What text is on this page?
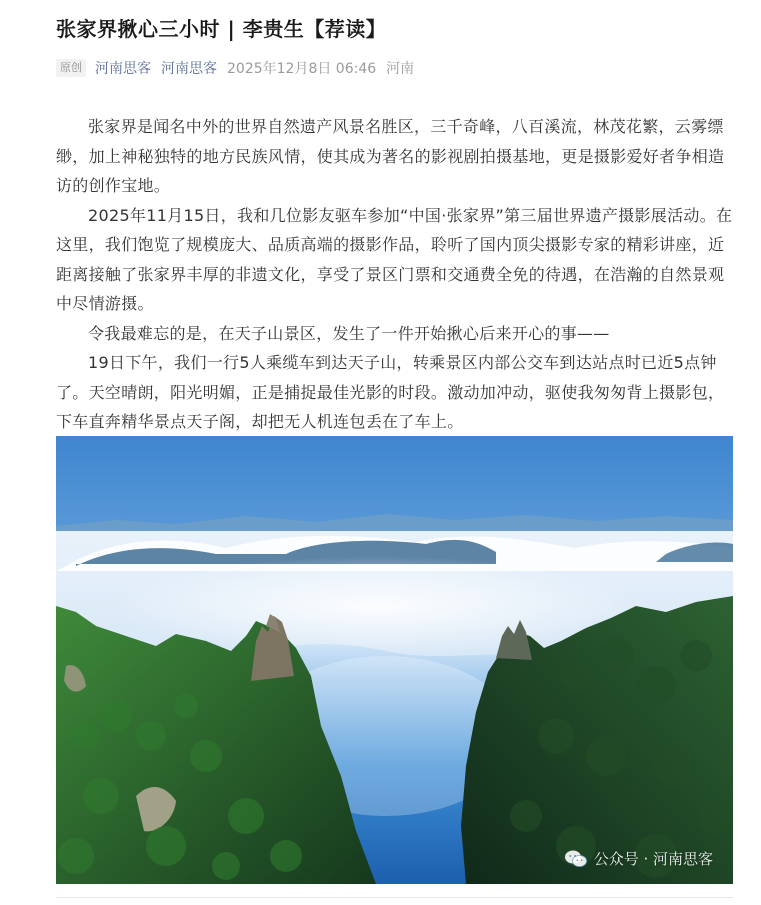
张家界揪心三小时 | 李贵生【荐读】
原创 河南思客 河南思客 2025年12月8日 06:46 河南

张家界是闻名中外的世界自然遗产风景名胜区，三千奇峰，八百溪流，林茂花繁，云雾缥缈，加上神秘独特的地方民族风情，使其成为著名的影视剧拍摄基地，更是摄影爱好者争相造访的创作宝地。

2025年11月15日，我和几位影友驱车参加“中国·张家界”第三届世界遗产摄影展活动。在这里，我们饱览了规模庞大、品质高端的摄影作品，聆听了国内顶尖摄影专家的精彩讲座，近距离接触了张家界丰厚的非遗文化，享受了景区门票和交通费全免的待遇，在浩瀚的自然景观中尽情游摄。

令我最难忘的是，在天子山景区，发生了一件开始揪心后来开心的事——

19日下午，我们一行5人乘缆车到达天子山，转乘景区内部公交车到达站点时已近5点钟了。天空晴朗，阳光明媚，正是捕捉最佳光影的时段。激动加冲动，驱使我匆匆背上摄影包，下车直奔精华景点天子阁，却把无人机连包丢在了车上。

公众号 · 河南思客
